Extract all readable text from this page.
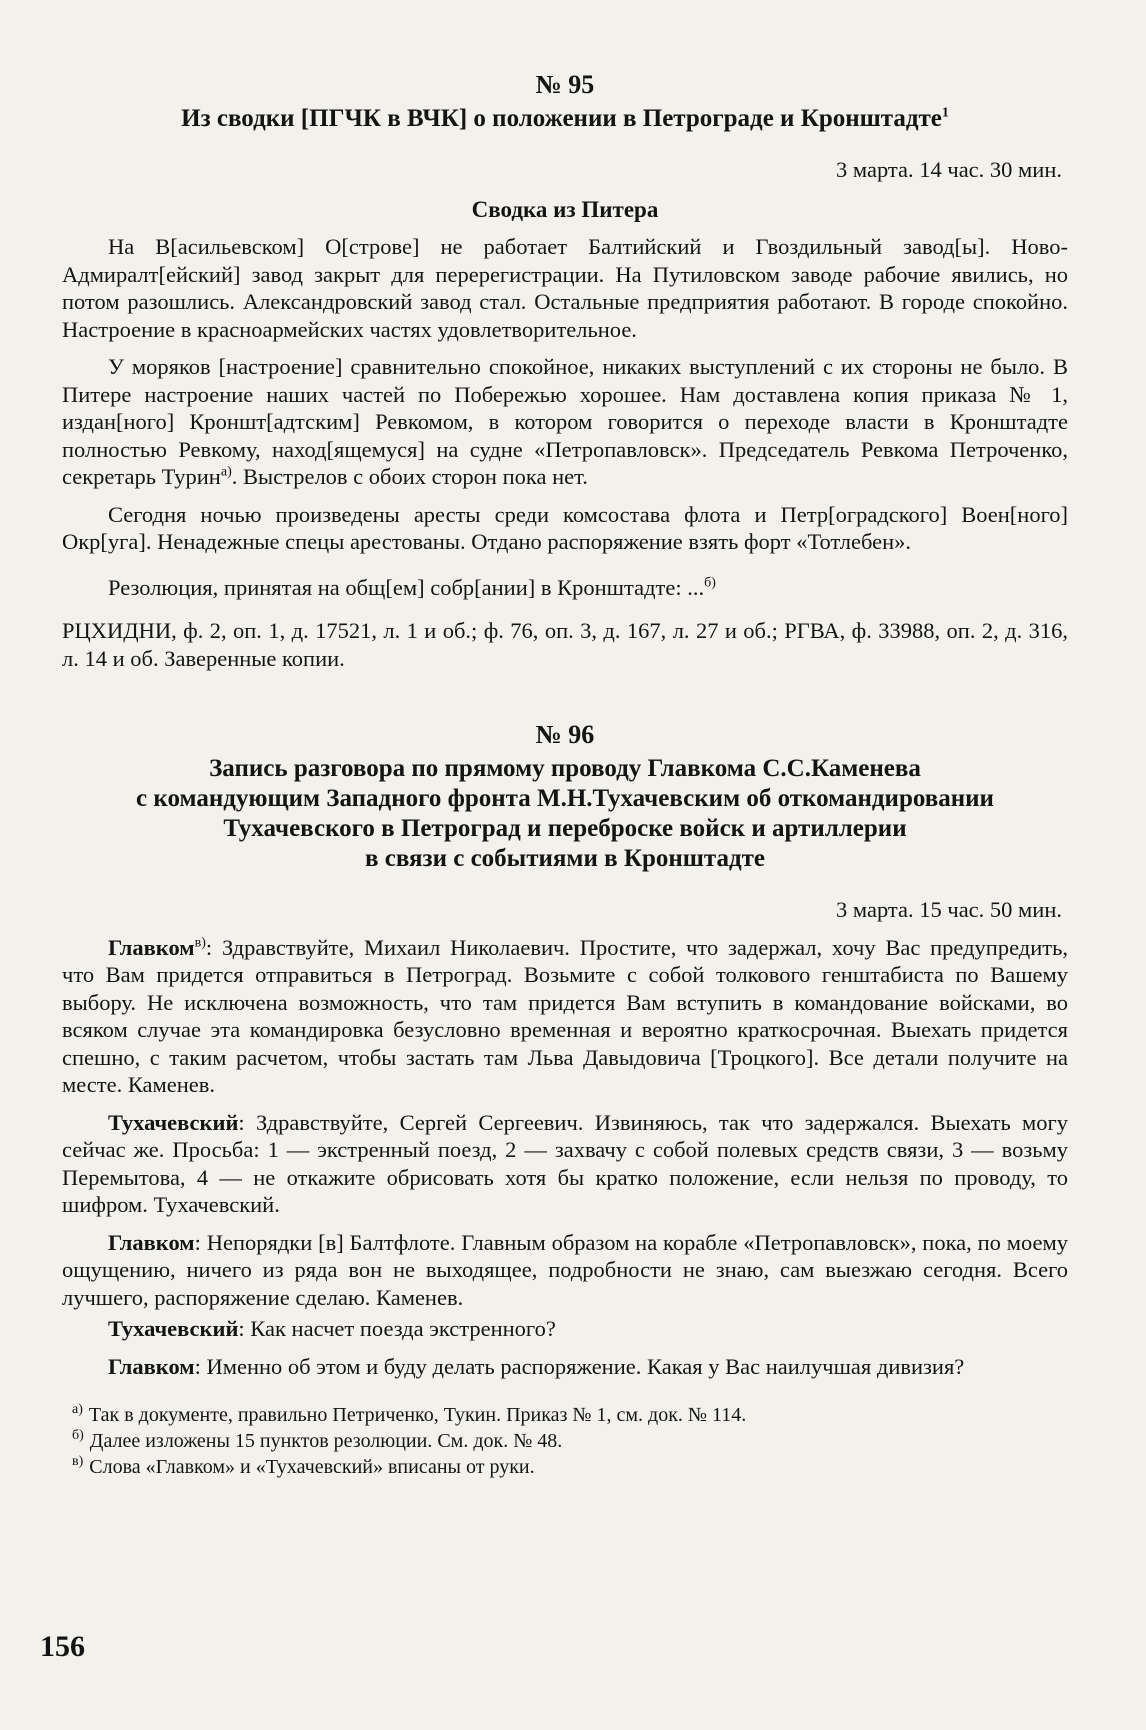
№ 95
Из сводки [ПГЧК в ВЧК] о положении в Петрограде и Кронштадте$^1$
3 марта. 14 час. 30 мин.
Сводка из Питера

На В[асильевском] О[строве] не работает Балтийский и Гвоздильный завод[ы]. Ново-Адмиралт[ейский] завод закрыт для перерегистрации. На Путиловском заводе рабочие явились, но потом разошлись. Александровский завод стал. Остальные предприятия работают. В городе спокойно. Настроение в красноармейских частях удовлетворительное.

У моряков [настроение] сравнительно спокойное, никаких выступлений с их стороны не было. В Питере настроение наших частей по Побережью хорошее. Нам доставлена копия приказа № 1, издан[ного] Кроншт[адтским] Ревкомом, в котором говорится о переходе власти в Кронштадте полностью Ревкому, наход[ящемуся] на судне «Петропавловск». Председатель Ревкома Петроченко, секретарь Турин$^{а)}$. Выстрелов с обоих сторон пока нет.

Сегодня ночью произведены аресты среди комсостава флота и Петр[оградского] Воен[ного] Окр[уга]. Ненадежные спецы арестованы. Отдано распоряжение взять форт «Тотлебен».

Резолюция, принятая на общ[ем] собр[ании] в Кронштадте: ...$^{б)}$

РЦХИДНИ, ф. 2, оп. 1, д. 17521, л. 1 и об.; ф. 76, оп. 3, д. 167, л. 27 и об.; РГВА, ф. 33988, оп. 2, д. 316, л. 14 и об. Заверенные копии.

№ 96
Запись разговора по прямому проводу Главкома С.С.Каменева
с командующим Западного фронта М.Н.Тухачевским об откомандировании
Тухачевского в Петроград и переброске войск и артиллерии
в связи с событиями в Кронштадте
3 марта. 15 час. 50 мин.

Главком$^{в)}$: Здравствуйте, Михаил Николаевич. Простите, что задержал, хочу Вас предупредить, что Вам придется отправиться в Петроград. Возьмите с собой толкового генштабиста по Вашему выбору. Не исключена возможность, что там придется Вам вступить в командование войсками, во всяком случае эта командировка безусловно временная и вероятно краткосрочная. Выехать придется спешно, с таким расчетом, чтобы застать там Льва Давыдовича [Троцкого]. Все детали получите на месте. Каменев.

Тухачевский: Здравствуйте, Сергей Сергеевич. Извиняюсь, так что задержался. Выехать могу сейчас же. Просьба: 1 — экстренный поезд, 2 — захвачу с собой полевых средств связи, 3 — возьму Перемытова, 4 — не откажите обрисовать хотя бы кратко положение, если нельзя по проводу, то шифром. Тухачевский.

Главком: Непорядки [в] Балтфлоте. Главным образом на корабле «Петропавловск», пока, по моему ощущению, ничего из ряда вон не выходящее, подробности не знаю, сам выезжаю сегодня. Всего лучшего, распоряжение сделаю. Каменев.

Тухачевский: Как насчет поезда экстренного?

Главком: Именно об этом и буду делать распоряжение. Какая у Вас наилучшая дивизия?

$^{а)}$ Так в документе, правильно Петриченко, Тукин. Приказ № 1, см. док. № 114.
$^{б)}$ Далее изложены 15 пунктов резолюции. См. док. № 48.
$^{в)}$ Слова «Главком» и «Тухачевский» вписаны от руки.
156
